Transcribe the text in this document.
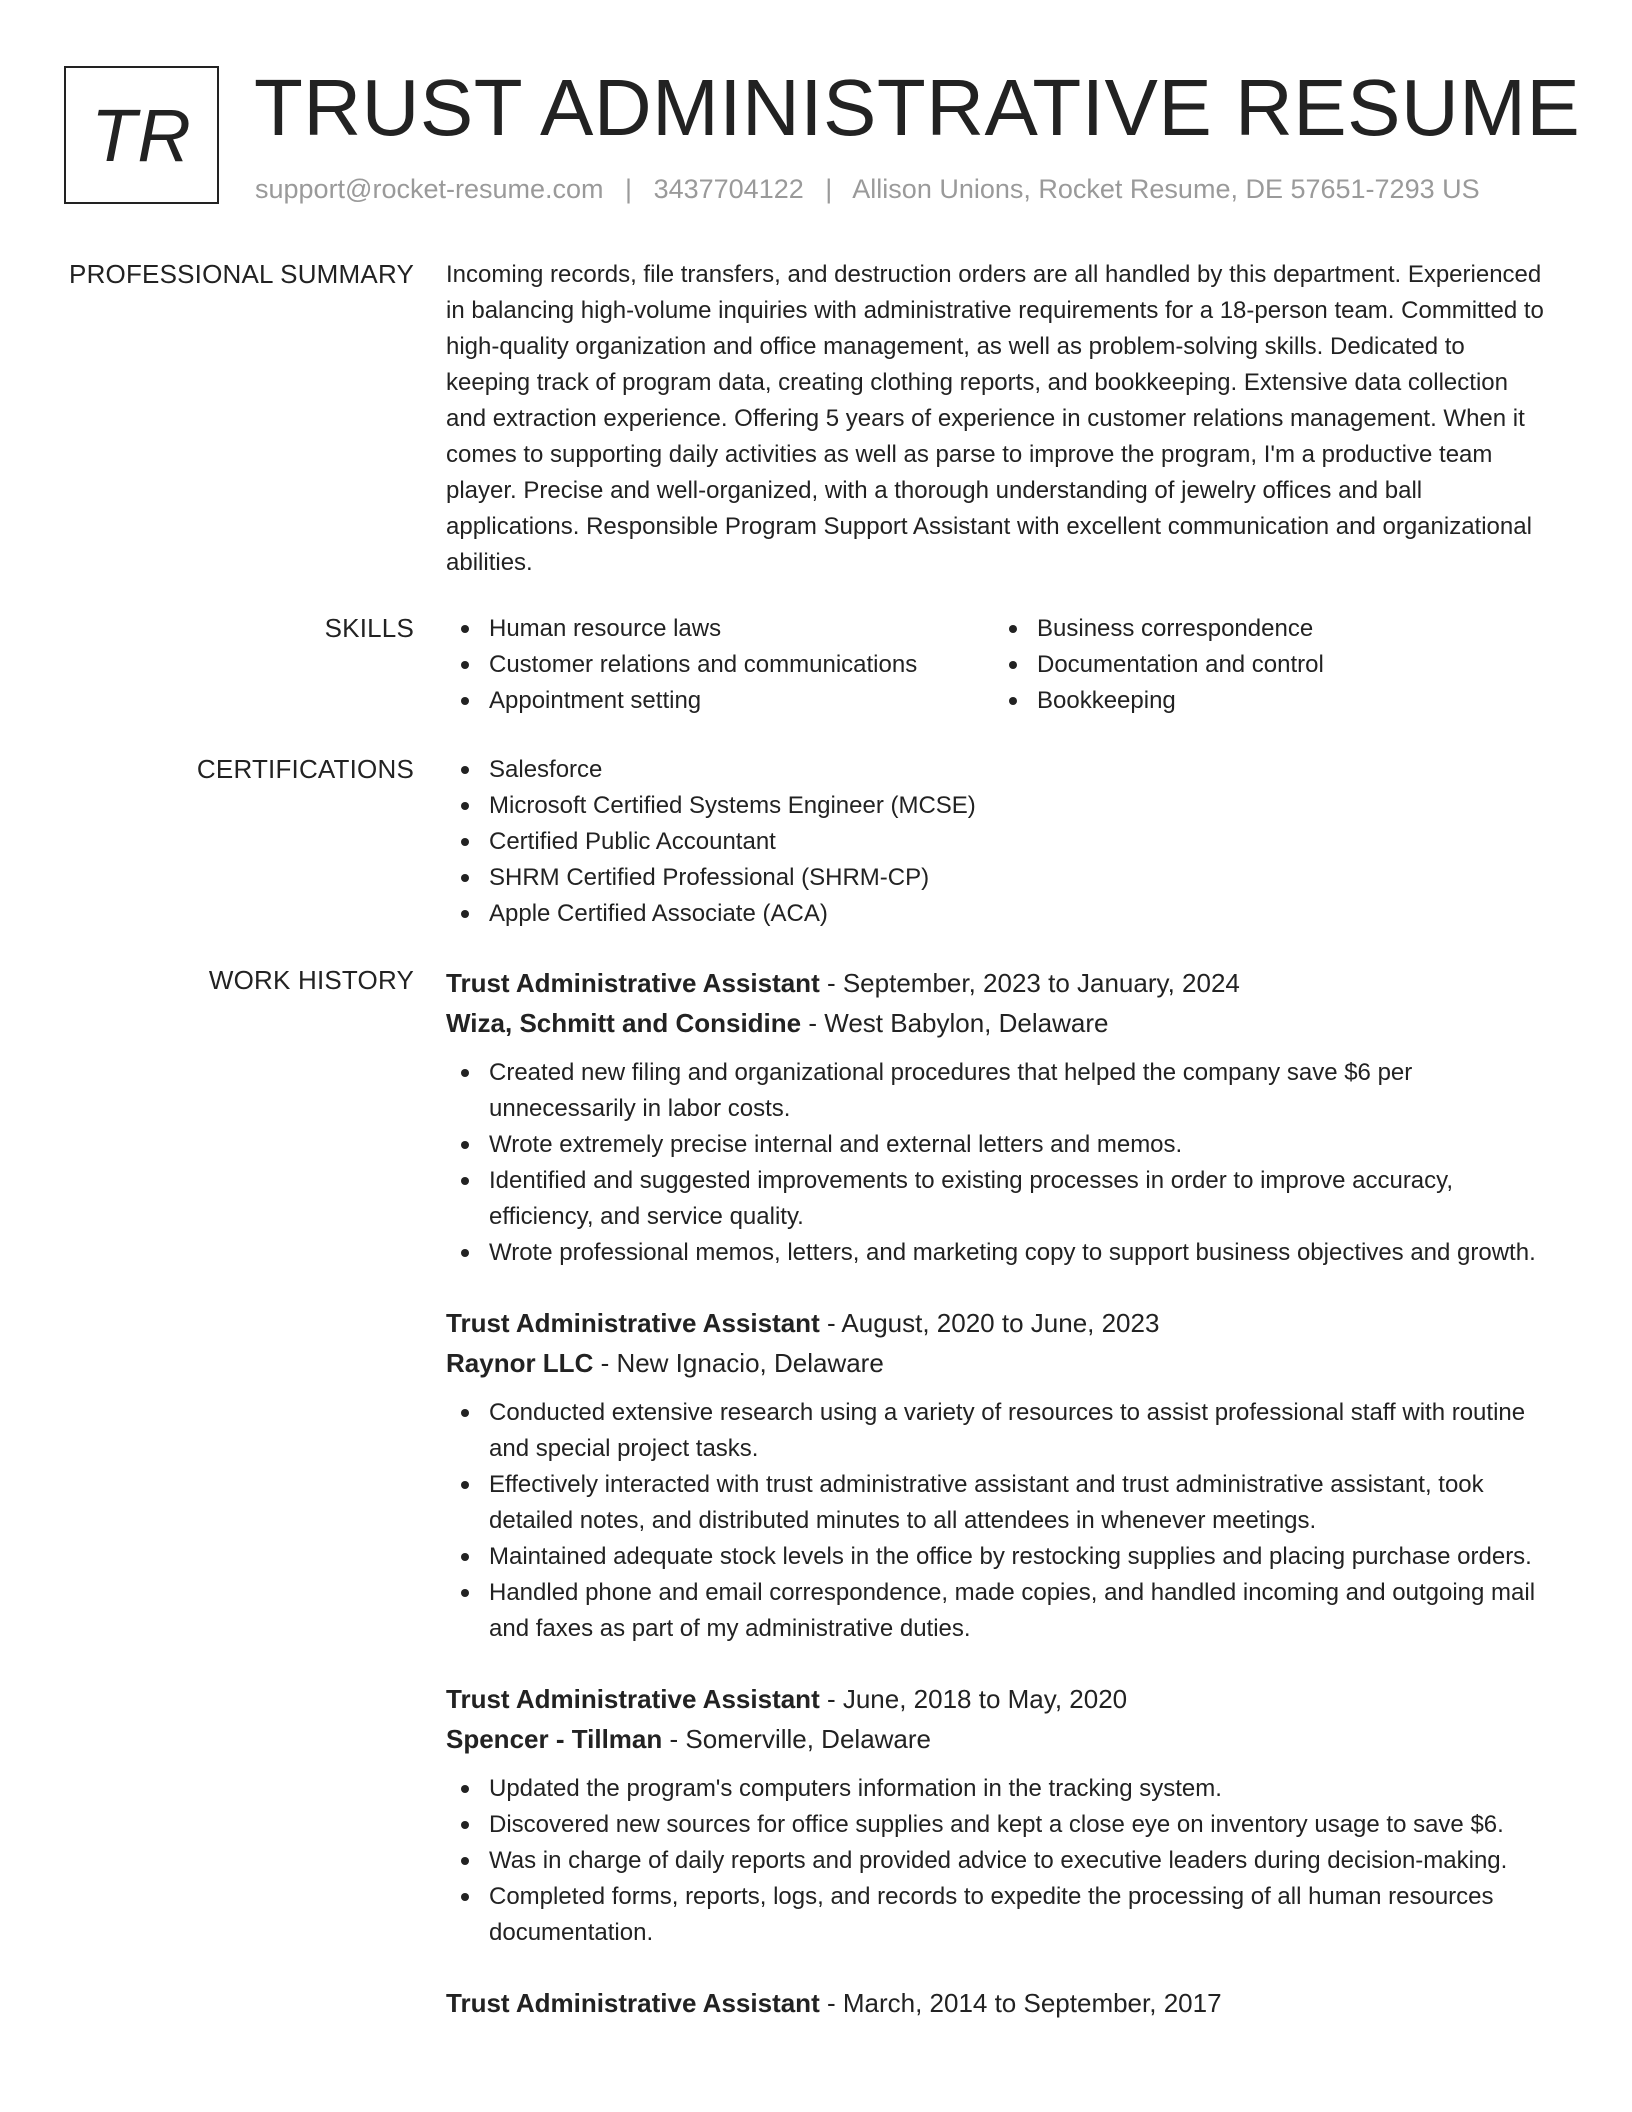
TR TRUST ADMINISTRATIVE RESUME
support@rocket-resume.com | 3437704122 | Allison Unions, Rocket Resume, DE 57651-7293 US
PROFESSIONAL SUMMARY Incoming records, file transfers, and destruction orders are all handled by this department. Experienced in balancing high-volume inquiries with administrative requirements for a 18-person team. Committed to high-quality organization and office management, as well as problem-solving skills. Dedicated to keeping track of program data, creating clothing reports, and bookkeeping. Extensive data collection and extraction experience. Offering 5 years of experience in customer relations management. When it comes to supporting daily activities as well as parse to improve the program, I'm a productive team player. Precise and well-organized, with a thorough understanding of jewelry offices and ball applications. Responsible Program Support Assistant with excellent communication and organizational abilities.

SKILLS	Human resource laws
Customer relations and communications
Appointment setting
Business correspondence
Documentation and control
Bookkeeping
CERTIFICATIONS	Salesforce
Microsoft Certified Systems Engineer (MCSE)
Certified Public Accountant
SHRM Certified Professional (SHRM-CP)
Apple Certified Associate (ACA)
WORK HISTORY Trust Administrative Assistant - September, 2023 to January, 2024
Wiza, Schmitt and Considine - West Babylon, Delaware
Created new filing and organizational procedures that helped the company save $6 per unnecessarily in labor costs.
Wrote extremely precise internal and external letters and memos.
Identified and suggested improvements to existing processes in order to improve accuracy, efficiency, and service quality.
Wrote professional memos, letters, and marketing copy to support business objectives and growth.
Trust Administrative Assistant - August, 2020 to June, 2023
Raynor LLC - New Ignacio, Delaware
Conducted extensive research using a variety of resources to assist professional staff with routine and special project tasks.
Effectively interacted with trust administrative assistant and trust administrative assistant, took detailed notes, and distributed minutes to all attendees in whenever meetings.
Maintained adequate stock levels in the office by restocking supplies and placing purchase orders.
Handled phone and email correspondence, made copies, and handled incoming and outgoing mail and faxes as part of my administrative duties.
Trust Administrative Assistant - June, 2018 to May, 2020
Spencer - Tillman - Somerville, Delaware
Updated the program's computers information in the tracking system.
Discovered new sources for office supplies and kept a close eye on inventory usage to save $6.
Was in charge of daily reports and provided advice to executive leaders during decision-making.
Completed forms, reports, logs, and records to expedite the processing of all human resources documentation.
Trust Administrative Assistant - March, 2014 to September, 2017
